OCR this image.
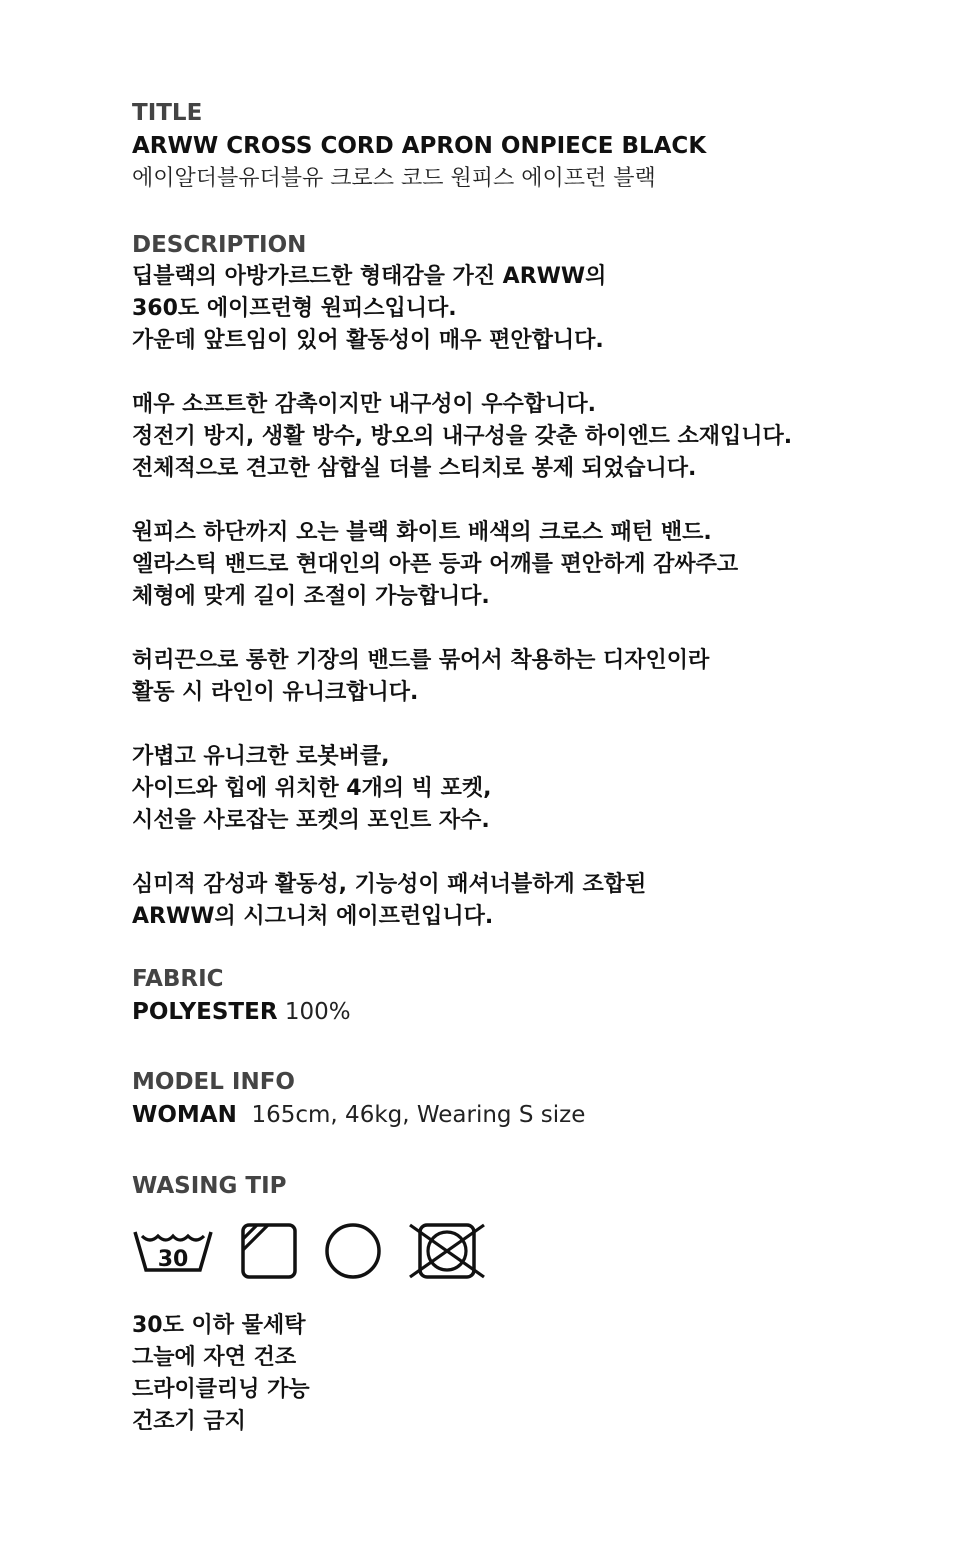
TITLE
ARWW CROSS CORD APRON ONPIECE BLACK
에이알더블유더블유 크로스 코드 원피스 에이프런 블랙
DESCRIPTION
딥블랙의 아방가르드한 형태감을 가진 ARWW의
360도 에이프런형 원피스입니다.
가운데 앞트임이 있어 활동성이 매우 편안합니다.
매우 소프트한 감촉이지만 내구성이 우수합니다.
정전기 방지, 생활 방수, 방오의 내구성을 갖춘 하이엔드 소재입니다.
전체적으로 견고한 삼합실 더블 스티치로 봉제 되었습니다.
원피스 하단까지 오는 블랙 화이트 배색의 크로스 패턴 밴드.
엘라스틱 밴드로 현대인의 아픈 등과 어깨를 편안하게 감싸주고
체형에 맞게 길이 조절이 가능합니다.
허리끈으로 롱한 기장의 밴드를 묶어서 착용하는 디자인이라
활동 시 라인이 유니크합니다.
가볍고 유니크한 로봇버클,
사이드와 힙에 위치한 4개의 빅 포켓,
시선을 사로잡는 포켓의 포인트 자수.
심미적 감성과 활동성, 기능성이 패셔너블하게 조합된
ARWW의 시그니처 에이프런입니다.
FABRIC
POLYESTER 100%
MODEL INFO
WOMAN 165cm, 46kg, Wearing S size
WASING TIP
30
30도 이하 물세탁
그늘에 자연 건조
드라이클리닝 가능
건조기 금지
